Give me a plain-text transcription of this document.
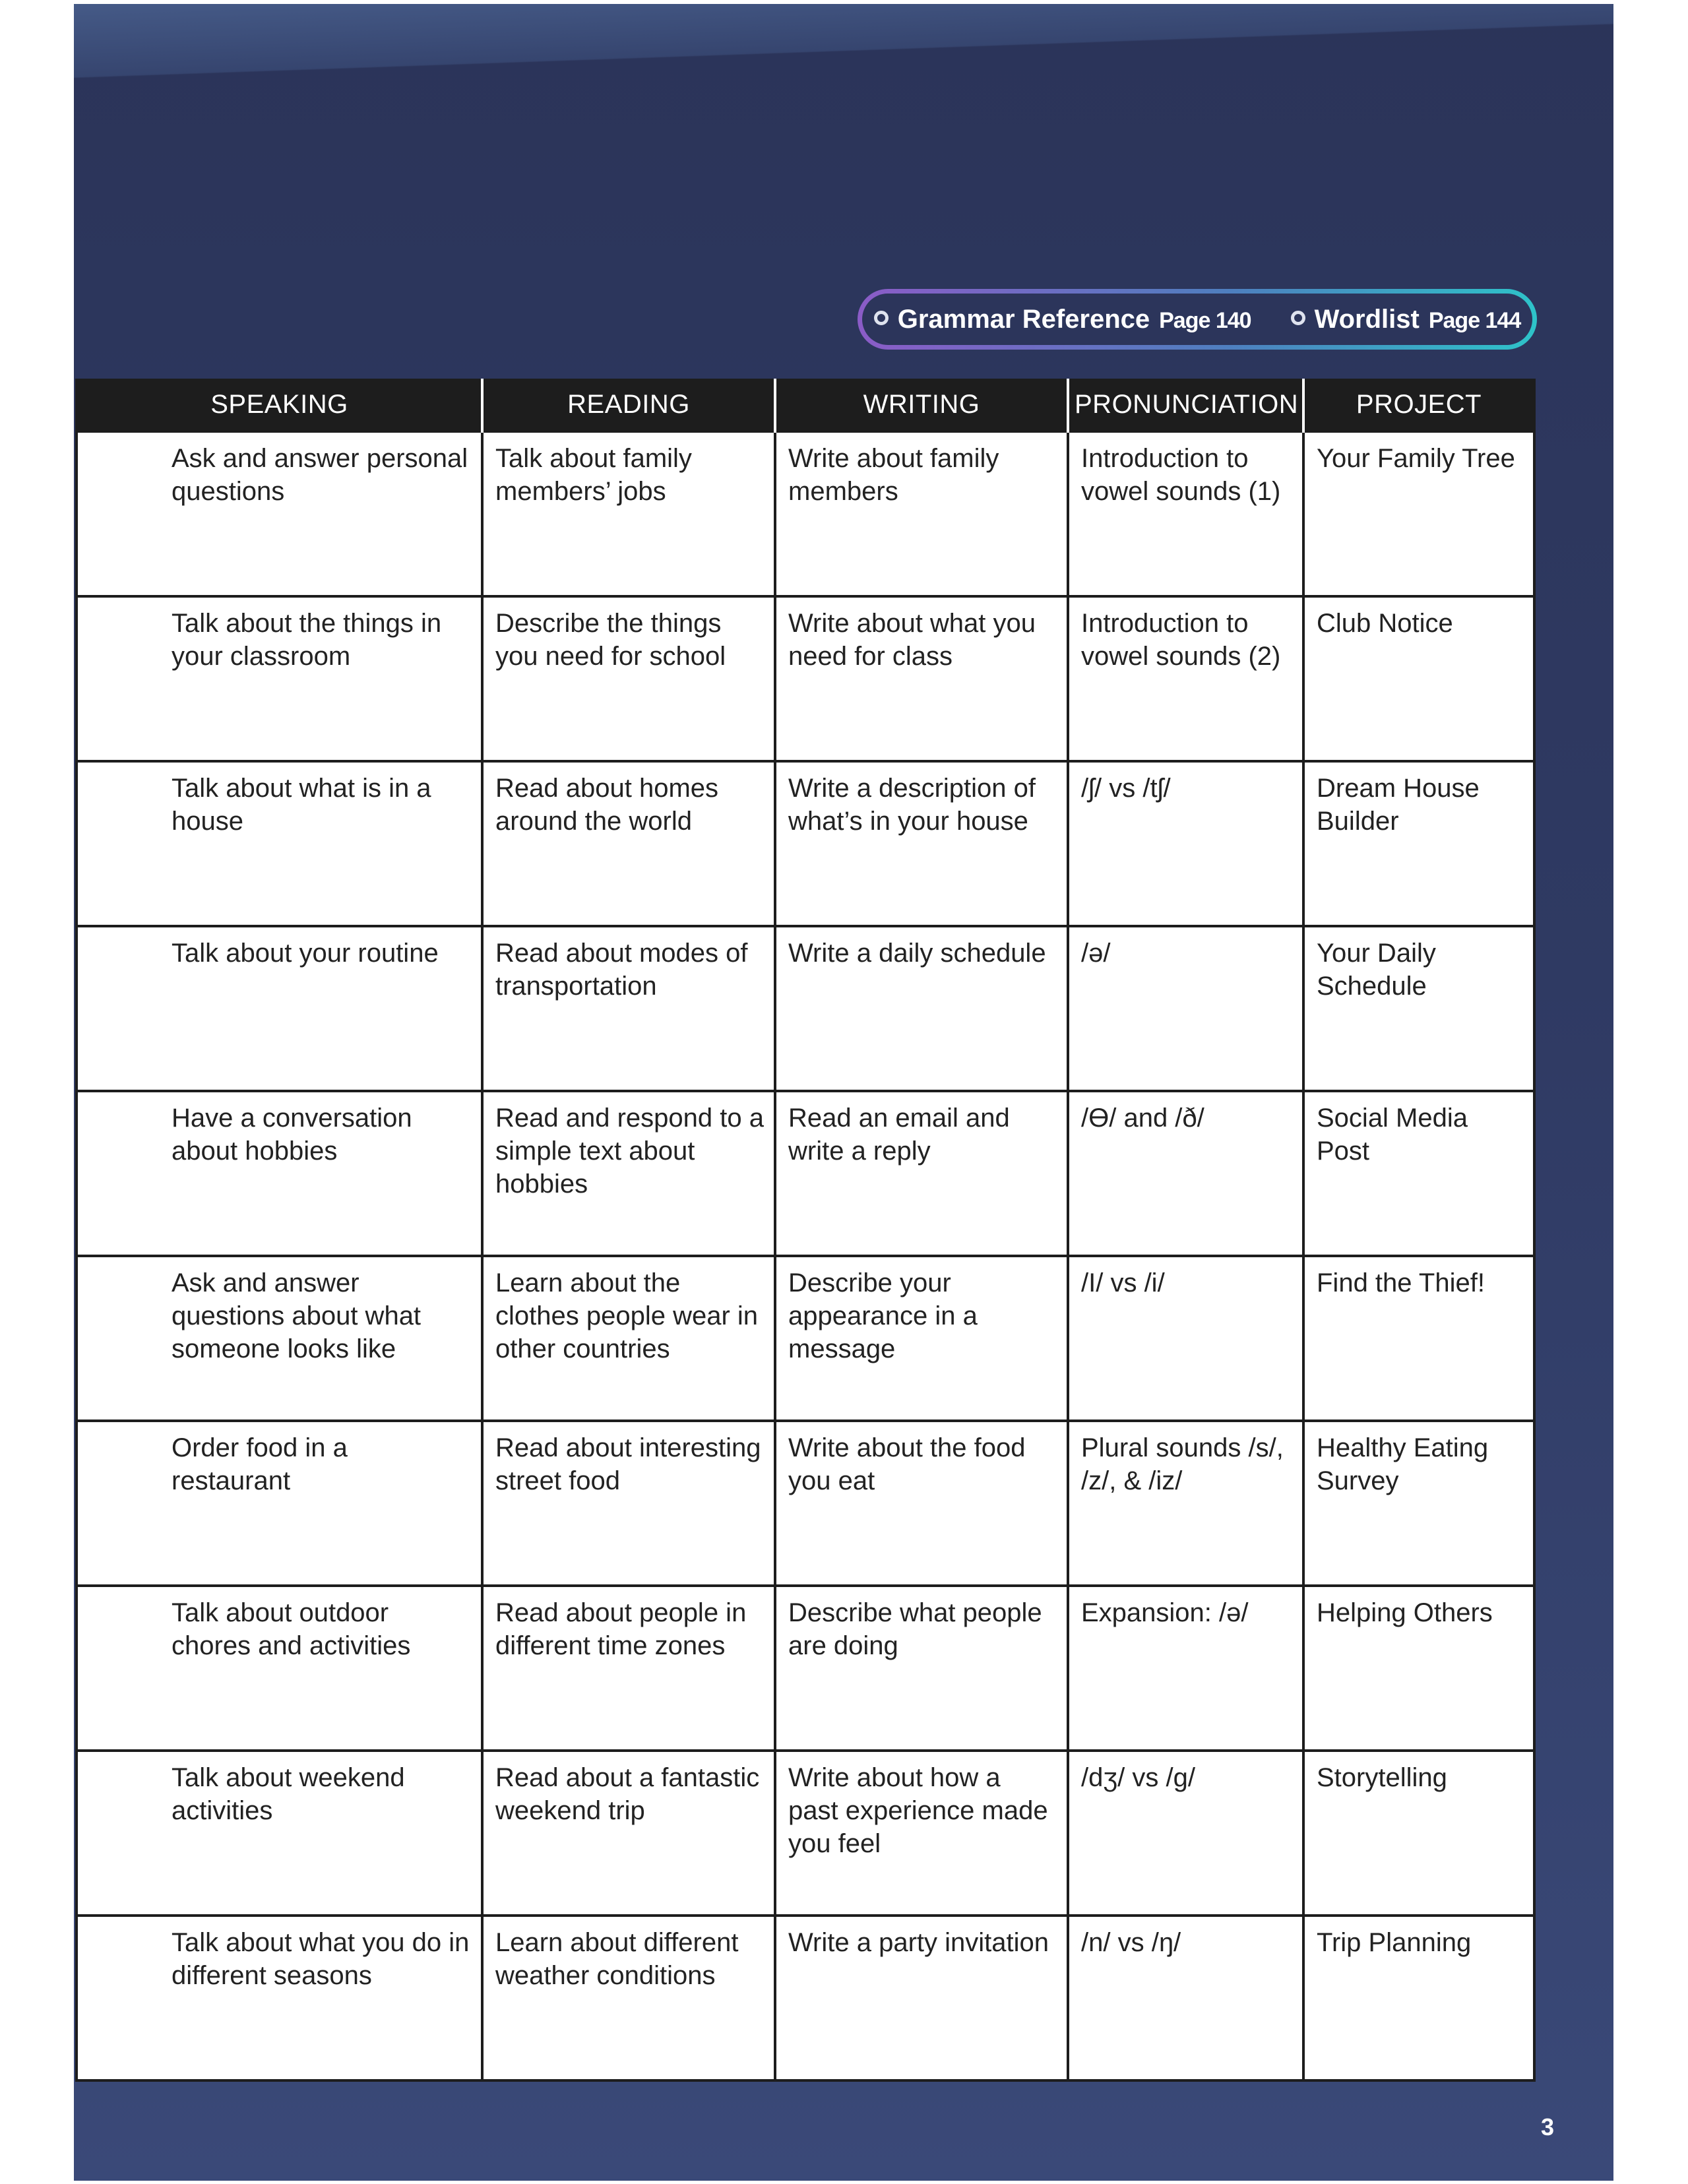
Grammar Reference Page 140 Wordlist Page 144
SPEAKING	READING	WRITING	PRONUNCIATION	PROJECT
Ask and answer personal questions	Talk about family members’ jobs	Write about family members	Introduction to vowel sounds (1)	Your Family Tree
Talk about the things in your classroom	Describe the things you need for school	Write about what you need for class	Introduction to vowel sounds (2)	Club Notice
Talk about what is in a house	Read about homes around the world	Write a description of what’s in your house	/ʃ/ vs /tʃ/	Dream House Builder
Talk about your routine	Read about modes of transportation	Write a daily schedule	/ə/	Your Daily Schedule
Have a conversation about hobbies	Read and respond to a simple text about hobbies	Read an email and write a reply	/Ɵ/ and /ð/	Social Media Post
Ask and answer questions about what someone looks like	Learn about the clothes people wear in other countries	Describe your appearance in a message	/I/ vs /i/	Find the Thief!
Order food in a restaurant	Read about interesting street food	Write about the food you eat	Plural sounds /s/, /z/, & /iz/	Healthy Eating Survey
Talk about outdoor chores and activities	Read about people in different time zones	Describe what people are doing	Expansion: /ə/	Helping Others
Talk about weekend activities	Read about a fantastic weekend trip	Write about how a past experience made you feel	/dʒ/ vs /g/	Storytelling
Talk about what you do in different seasons	Learn about different weather conditions	Write a party invitation	/n/ vs /ŋ/	Trip Planning
3
